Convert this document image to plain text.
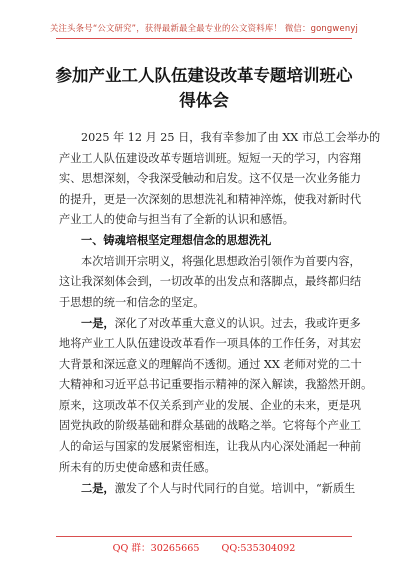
关注头条号“公文研究”，获得最新最全最专业的公文资料库！ 微信：gongwenyj
参加产业工人队伍建设改革专题培训班心
得体会
2025 年 12 月 25 日，我有幸参加了由 XX 市总工会举办的
产业工人队伍建设改革专题培训班。短短一天的学习，内容翔
实、思想深刻，令我深受触动和启发。这不仅是一次业务能力
的提升，更是一次深刻的思想洗礼和精神淬炼，使我对新时代
产业工人的使命与担当有了全新的认识和感悟。
一、铸魂培根坚定理想信念的思想洗礼
本次培训开宗明义，将强化思想政治引领作为首要内容，
这让我深刻体会到，一切改革的出发点和落脚点，最终都归结
于思想的统一和信念的坚定。
一是，深化了对改革重大意义的认识。过去，我或许更多
地将产业工人队伍建设改革看作一项具体的工作任务，对其宏
大背景和深远意义的理解尚不透彻。通过 XX 老师对党的二十
大精神和习近平总书记重要指示精神的深入解读，我豁然开朗。
原来，这项改革不仅关系到产业的发展、企业的未来，更是巩
固党执政的阶级基础和群众基础的战略之举。它将每个产业工
人的命运与国家的发展紧密相连，让我从内心深处涌起一种前
所未有的历史使命感和责任感。
二是，激发了个人与时代同行的自觉。培训中，“新质生
QQ 群：30265665 QQ:535304092
